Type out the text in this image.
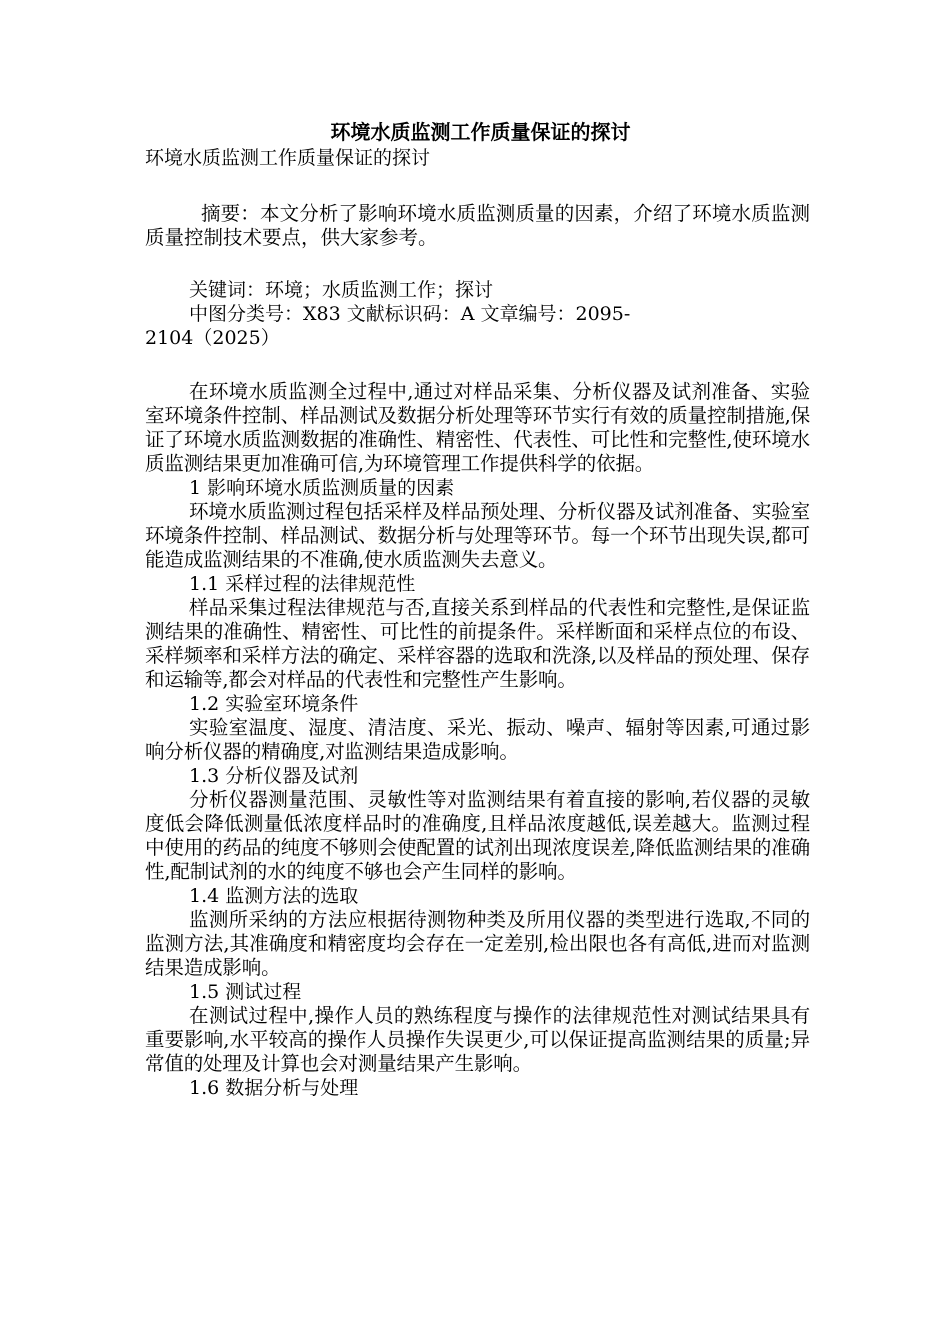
环境水质监测工作质量保证的探讨

环境水质监测工作质量保证的探讨

摘要：本文分析了影响环境水质监测质量的因素，介绍了环境水质监测质量控制技术要点，供大家参考。

关键词：环境；水质监测工作；探讨

中图分类号：X83 文献标识码：A 文章编号：2095-

2104（2025）

在环境水质监测全过程中,通过对样品采集、分析仪器及试剂准备、实验室环境条件控制、样品测试及数据分析处理等环节实行有效的质量控制措施,保证了环境水质监测数据的准确性、精密性、代表性、可比性和完整性,使环境水质监测结果更加准确可信,为环境管理工作提供科学的依据。

1 影响环境水质监测质量的因素

环境水质监测过程包括采样及样品预处理、分析仪器及试剂准备、实验室环境条件控制、样品测试、数据分析与处理等环节。每一个环节出现失误,都可能造成监测结果的不准确,使水质监测失去意义。

1.1 采样过程的法律规范性

样品采集过程法律规范与否,直接关系到样品的代表性和完整性,是保证监测结果的准确性、精密性、可比性的前提条件。采样断面和采样点位的布设、采样频率和采样方法的确定、采样容器的选取和洗涤,以及样品的预处理、保存和运输等,都会对样品的代表性和完整性产生影响。

1.2 实验室环境条件

实验室温度、湿度、清洁度、采光、振动、噪声、辐射等因素,可通过影响分析仪器的精确度,对监测结果造成影响。

1.3 分析仪器及试剂

分析仪器测量范围、灵敏性等对监测结果有着直接的影响,若仪器的灵敏度低会降低测量低浓度样品时的准确度,且样品浓度越低,误差越大。监测过程中使用的药品的纯度不够则会使配置的试剂出现浓度误差,降低监测结果的准确性,配制试剂的水的纯度不够也会产生同样的影响。

1.4 监测方法的选取

监测所采纳的方法应根据待测物种类及所用仪器的类型进行选取,不同的监测方法,其准确度和精密度均会存在一定差别,检出限也各有高低,进而对监测结果造成影响。

1.5 测试过程

在测试过程中,操作人员的熟练程度与操作的法律规范性对测试结果具有重要影响,水平较高的操作人员操作失误更少,可以保证提高监测结果的质量;异常值的处理及计算也会对测量结果产生影响。

1.6 数据分析与处理
